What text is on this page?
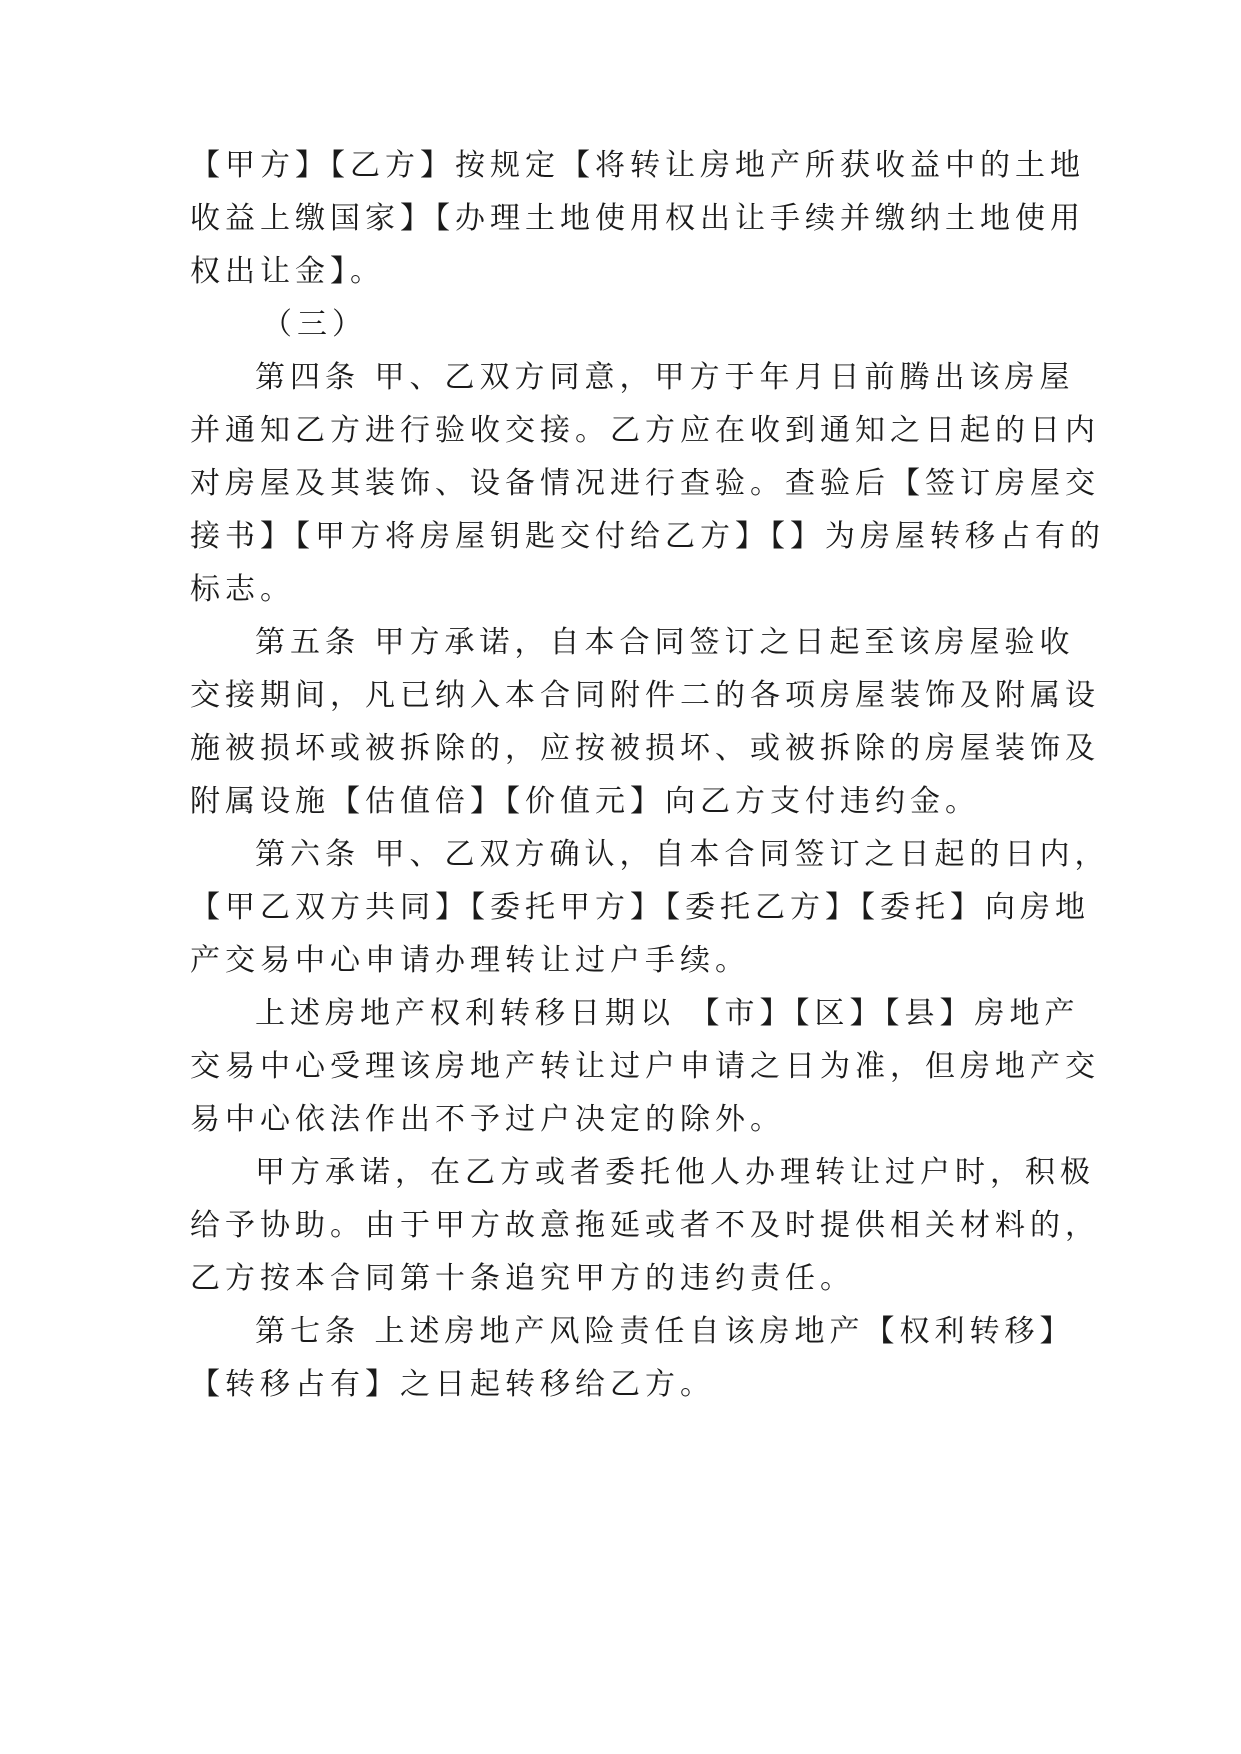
【甲方】【乙方】按规定【将转让房地产所获收益中的土地
收益上缴国家】【办理土地使用权出让手续并缴纳土地使用
权出让金】。
（三）
第四条 甲、乙双方同意，甲方于年月日前腾出该房屋
并通知乙方进行验收交接。乙方应在收到通知之日起的日内
对房屋及其装饰、设备情况进行查验。查验后【签订房屋交
接书】【甲方将房屋钥匙交付给乙方】【】为房屋转移占有的
标志。
第五条 甲方承诺，自本合同签订之日起至该房屋验收
交接期间，凡已纳入本合同附件二的各项房屋装饰及附属设
施被损坏或被拆除的，应按被损坏、或被拆除的房屋装饰及
附属设施【估值倍】【价值元】向乙方支付违约金。
第六条 甲、乙双方确认，自本合同签订之日起的日内，
【甲乙双方共同】【委托甲方】【委托乙方】【委托】向房地
产交易中心申请办理转让过户手续。
上述房地产权利转移日期以 【市】【区】【县】房地产
交易中心受理该房地产转让过户申请之日为准，但房地产交
易中心依法作出不予过户决定的除外。
甲方承诺，在乙方或者委托他人办理转让过户时，积极
给予协助。由于甲方故意拖延或者不及时提供相关材料的，
乙方按本合同第十条追究甲方的违约责任。
第七条 上述房地产风险责任自该房地产【权利转移】
【转移占有】之日起转移给乙方。
